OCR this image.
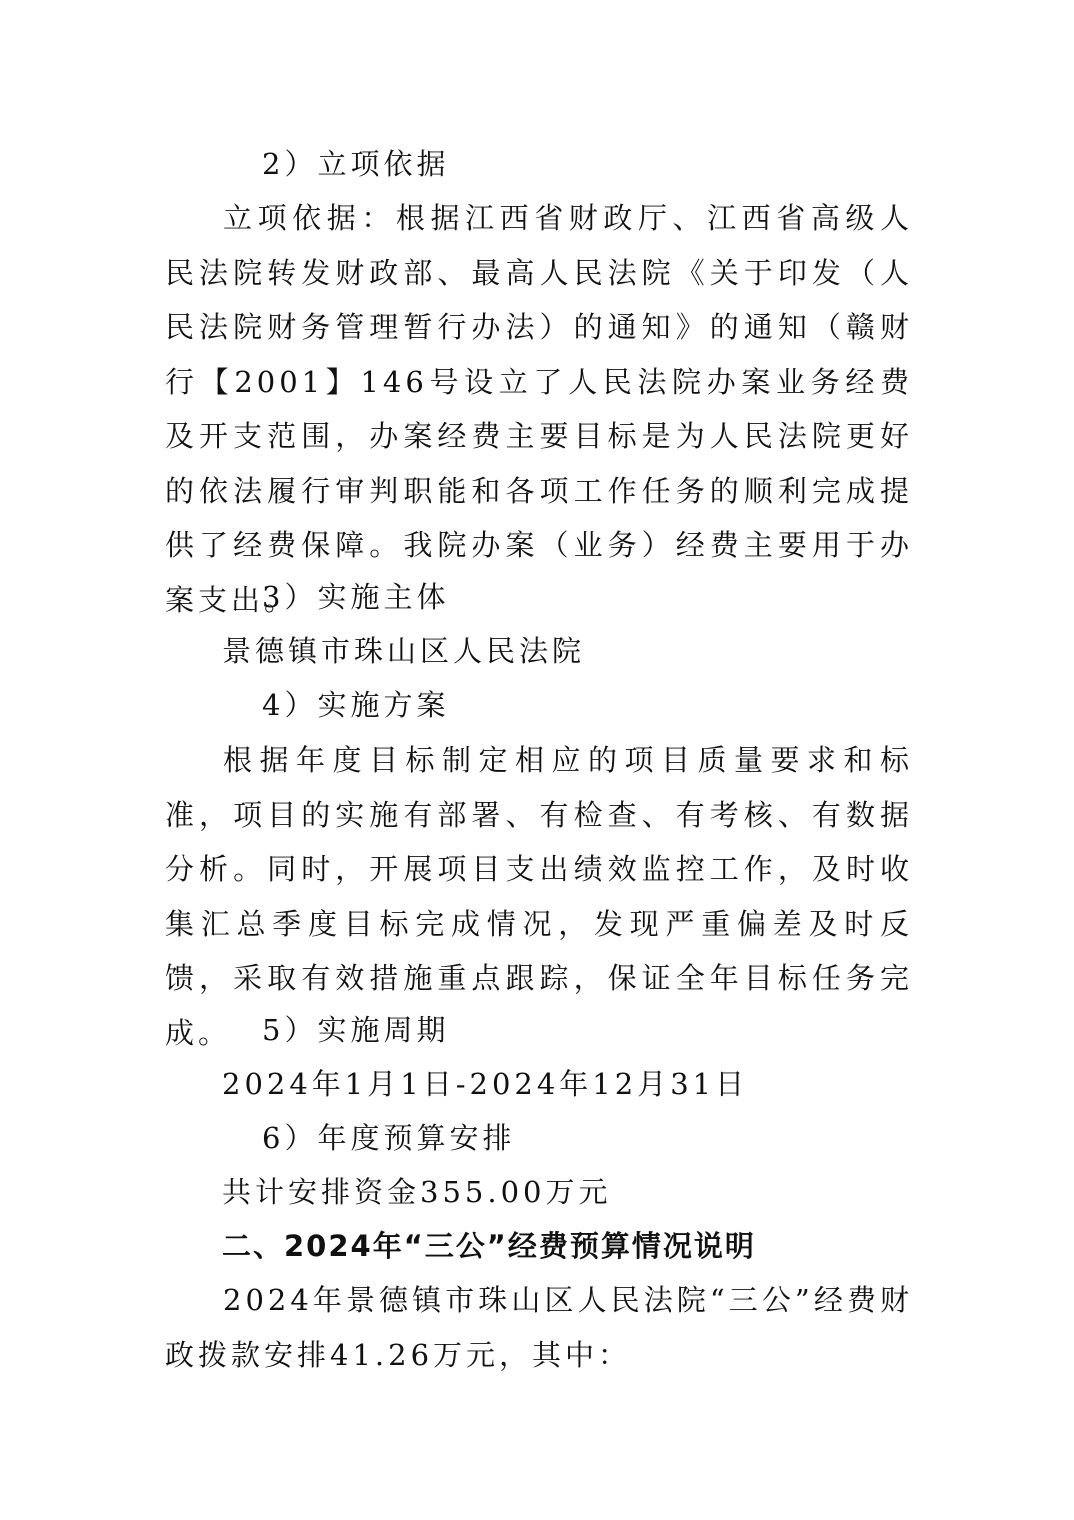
2）立项依据

立项依据：根据江西省财政厅、江西省高级人民法院转发财政部、最高人民法院《关于印发（人民法院财务管理暂行办法）的通知》的通知（赣财行【2001】146号设立了人民法院办案业务经费及开支范围，办案经费主要目标是为人民法院更好的依法履行审判职能和各项工作任务的顺利完成提供了经费保障。我院办案（业务）经费主要用于办案支出。

3）实施主体

景德镇市珠山区人民法院

4）实施方案

根据年度目标制定相应的项目质量要求和标准，项目的实施有部署、有检查、有考核、有数据分析。同时，开展项目支出绩效监控工作，及时收集汇总季度目标完成情况，发现严重偏差及时反馈，采取有效措施重点跟踪，保证全年目标任务完成。	5）实施周期

2024年1月1日-2024年12月31日

6）年度预算安排

共计安排资金355.00万元

二、2024年“三公”经费预算情况说明

2024年景德镇市珠山区人民法院“三公”经费财政拨款安排41.26万元，其中：
